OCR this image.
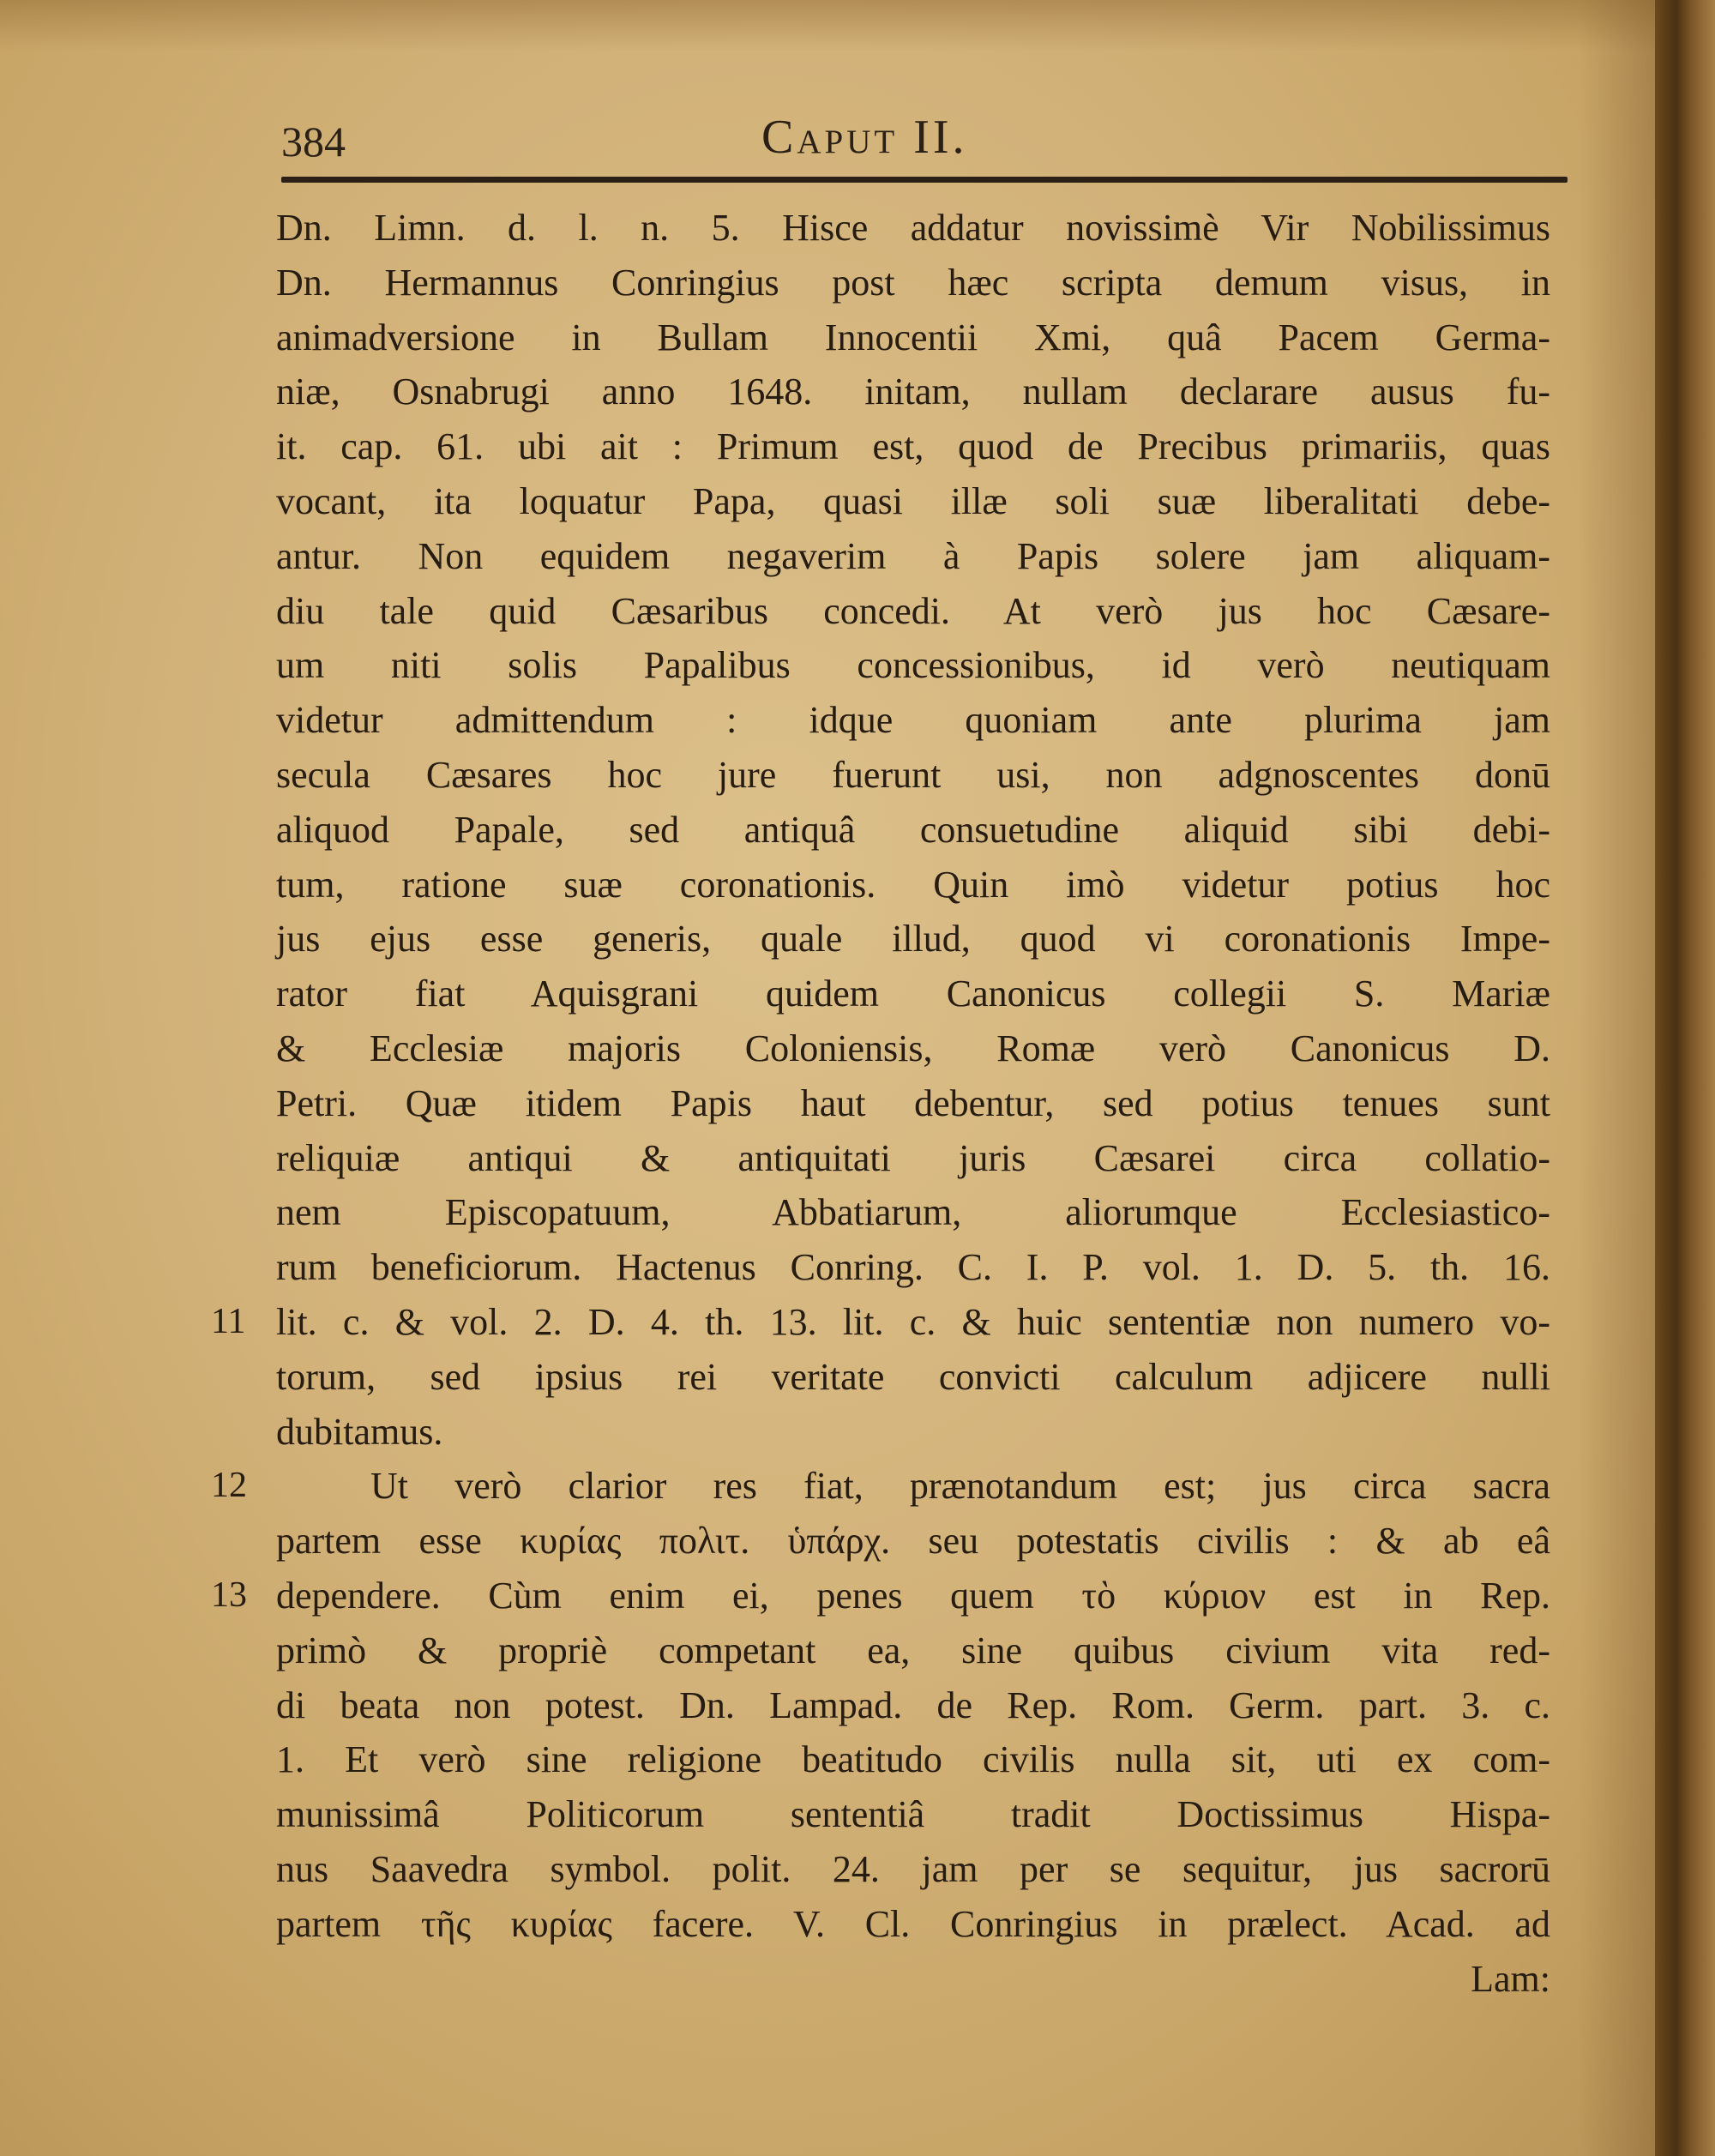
384	Caput II.
Dn. Limn. d. l. n. 5. Hisce addatur novissimè Vir Nobilissimus
Dn. Hermannus Conringius post hæc scripta demum visus, in
animadversione in Bullam Innocentii Xmi, quâ Pacem Germa-
niæ, Osnabrugi anno 1648. initam, nullam declarare ausus fu-
it. cap. 61. ubi ait : Primum est, quod de Precibus primariis, quas
vocant, ita loquatur Papa, quasi illæ soli suæ liberalitati debe-
antur. Non equidem negaverim à Papis solere jam aliquam-
diu tale quid Cæsaribus concedi. At verò jus hoc Cæsare-
um niti solis Papalibus concessionibus, id verò neutiquam
videtur admittendum : idque quoniam ante plurima jam
secula Cæsares hoc jure fuerunt usi, non adgnoscentes donū
aliquod Papale, sed antiquâ consuetudine aliquid sibi debi-
tum, ratione suæ coronationis. Quin imò videtur potius hoc
jus ejus esse generis, quale illud, quod vi coronationis Impe-
rator fiat Aquisgrani quidem Canonicus collegii S. Mariæ
& Ecclesiæ majoris Coloniensis, Romæ verò Canonicus D.
Petri. Quæ itidem Papis haut debentur, sed potius tenues sunt
reliquiæ antiqui & antiquitati juris Cæsarei circa collatio-
nem Episcopatuum, Abbatiarum, aliorumque Ecclesiastico-
rum beneficiorum. Hactenus Conring. C. I. P. vol. 1. D. 5. th. 16.
11 lit. c. & vol. 2. D. 4. th. 13. lit. c. & huic sententiæ non numero vo-
torum, sed ipsius rei veritate convicti calculum adjicere nulli
dubitamus.
12	Ut verò clarior res fiat, prænotandum est; jus circa sacra
partem esse κυρίας πολιτ. ὑπάρχ. seu potestatis civilis : & ab eâ
13 dependere. Cùm enim ei, penes quem τὸ κύριον est in Rep.
primò & propriè competant ea, sine quibus civium vita red-
di beata non potest. Dn. Lampad. de Rep. Rom. Germ. part. 3. c.
1. Et verò sine religione beatitudo civilis nulla sit, uti ex com-
munissimâ Politicorum sententiâ tradit Doctissimus Hispa-
nus Saavedra symbol. polit. 24. jam per se sequitur, jus sacrorū
partem τῆς κυρίας facere. V. Cl. Conringius in prælect. Acad. ad
Lam:
